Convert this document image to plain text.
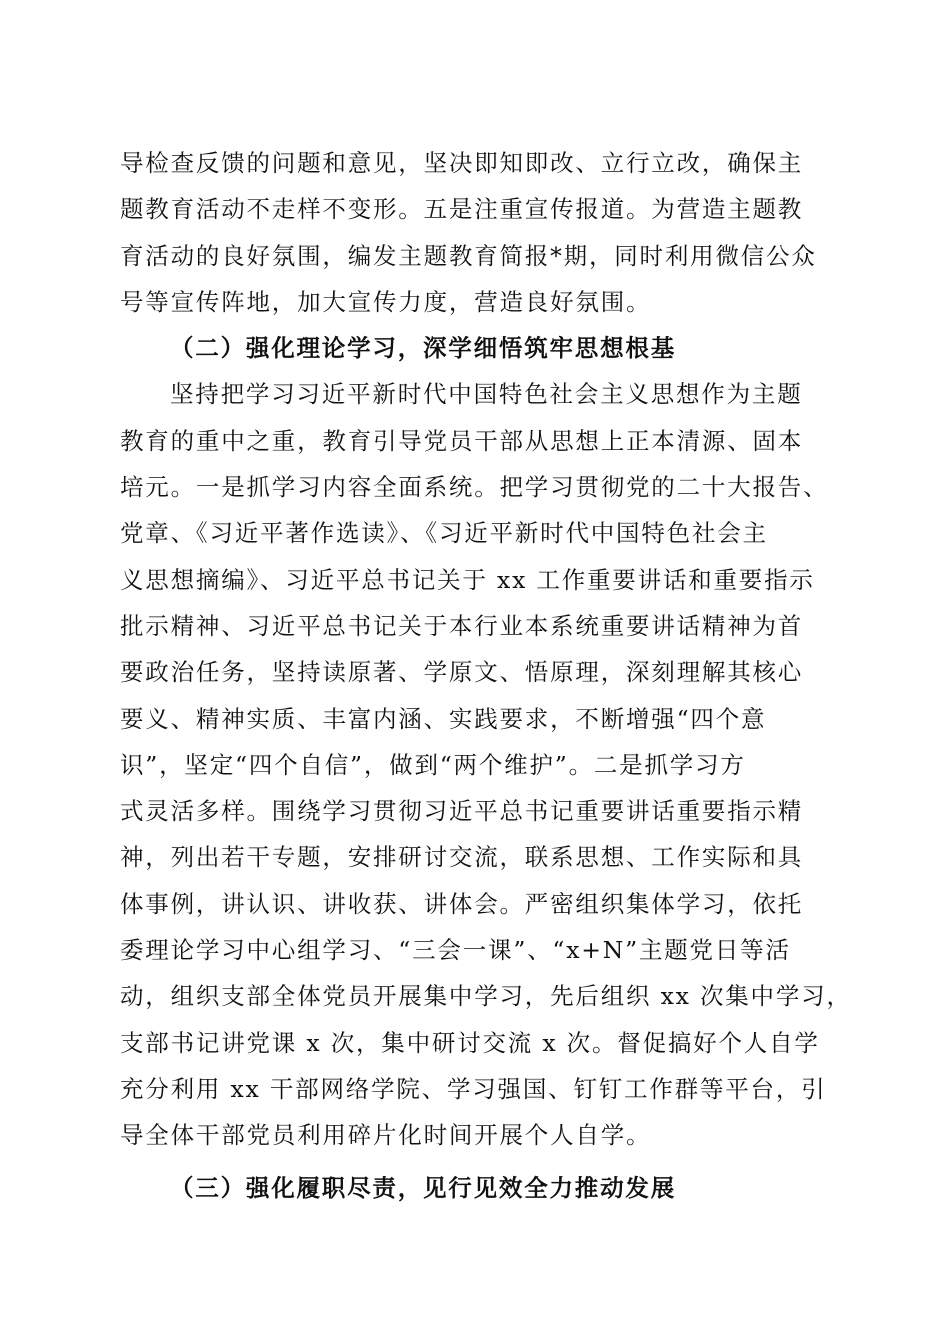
导检查反馈的问题和意见，坚决即知即改、立行立改，确保主
题教育活动不走样不变形。五是注重宣传报道。为营造主题教
育活动的良好氛围，编发主题教育简报*期，同时利用微信公众
号等宣传阵地，加大宣传力度，营造良好氛围。
（二）强化理论学习，深学细悟筑牢思想根基
坚持把学习习近平新时代中国特色社会主义思想作为主题
教育的重中之重，教育引导党员干部从思想上正本清源、固本
培元。一是抓学习内容全面系统。把学习贯彻党的二十大报告、
党章、《习近平著作选读》、《习近平新时代中国特色社会主
义思想摘编》、习近平总书记关于 xx 工作重要讲话和重要指示
批示精神、习近平总书记关于本行业本系统重要讲话精神为首
要政治任务，坚持读原著、学原文、悟原理，深刻理解其核心
要义、精神实质、丰富内涵、实践要求，不断增强“四个意
识”，坚定“四个自信”，做到“两个维护”。二是抓学习方
式灵活多样。围绕学习贯彻习近平总书记重要讲话重要指示精
神，列出若干专题，安排研讨交流，联系思想、工作实际和具
体事例，讲认识、讲收获、讲体会。严密组织集体学习，依托
委理论学习中心组学习、“三会一课”、“x+N”主题党日等活
动，组织支部全体党员开展集中学习，先后组织 xx 次集中学习，
支部书记讲党课 x 次，集中研讨交流 x 次。督促搞好个人自学
充分利用 xx 干部网络学院、学习强国、钉钉工作群等平台，引
导全体干部党员利用碎片化时间开展个人自学。
（三）强化履职尽责，见行见效全力推动发展
